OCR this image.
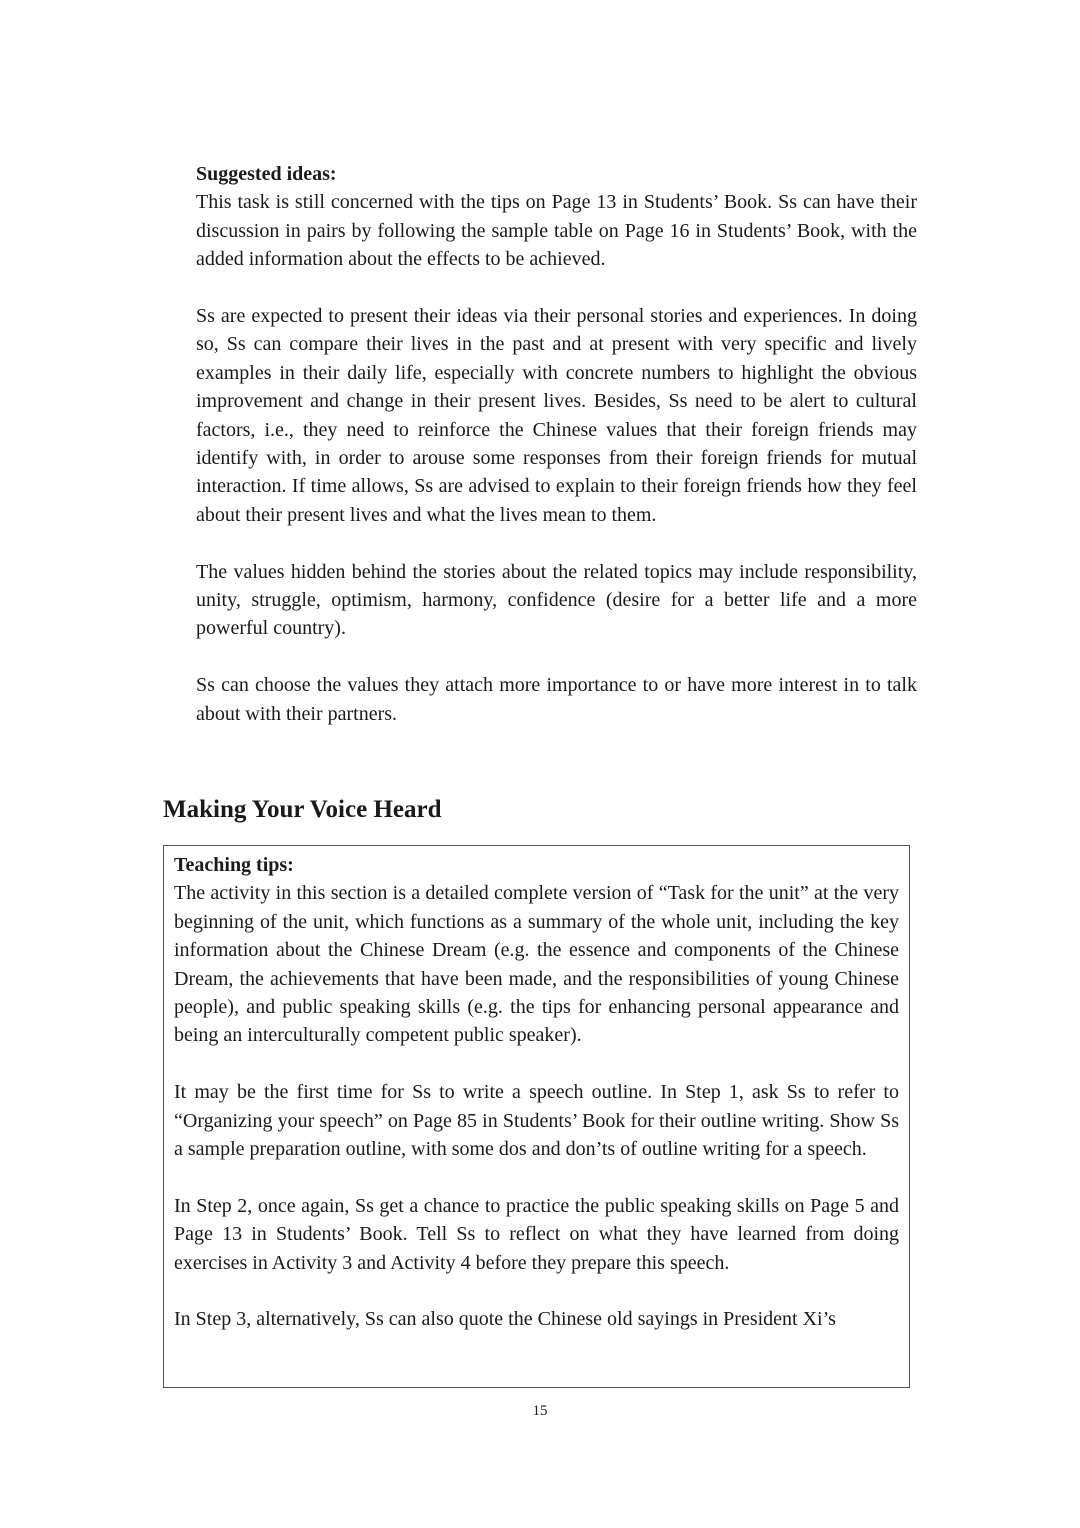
Suggested ideas:

This task is still concerned with the tips on Page 13 in Students’ Book. Ss can have their discussion in pairs by following the sample table on Page 16 in Students’ Book, with the added information about the effects to be achieved.

Ss are expected to present their ideas via their personal stories and experiences. In doing so, Ss can compare their lives in the past and at present with very specific and lively examples in their daily life, especially with concrete numbers to highlight the obvious improvement and change in their present lives. Besides, Ss need to be alert to cultural factors, i.e., they need to reinforce the Chinese values that their foreign friends may identify with, in order to arouse some responses from their foreign friends for mutual interaction. If time allows, Ss are advised to explain to their foreign friends how they feel about their present lives and what the lives mean to them.

The values hidden behind the stories about the related topics may include responsibility, unity, struggle, optimism, harmony, confidence (desire for a better life and a more powerful country).

Ss can choose the values they attach more importance to or have more interest in to talk about with their partners.

Making Your Voice Heard
Teaching tips:

The activity in this section is a detailed complete version of “Task for the unit” at the very beginning of the unit, which functions as a summary of the whole unit, including the key information about the Chinese Dream (e.g. the essence and components of the Chinese Dream, the achievements that have been made, and the responsibilities of young Chinese people), and public speaking skills (e.g. the tips for enhancing personal appearance and being an interculturally competent public speaker).

It may be the first time for Ss to write a speech outline. In Step 1, ask Ss to refer to “Organizing your speech” on Page 85 in Students’ Book for their outline writing. Show Ss a sample preparation outline, with some dos and don’ts of outline writing for a speech.

In Step 2, once again, Ss get a chance to practice the public speaking skills on Page 5 and Page 13 in Students’ Book. Tell Ss to reflect on what they have learned from doing exercises in Activity 3 and Activity 4 before they prepare this speech.

In Step 3, alternatively, Ss can also quote the Chinese old sayings in President Xi’s

15
